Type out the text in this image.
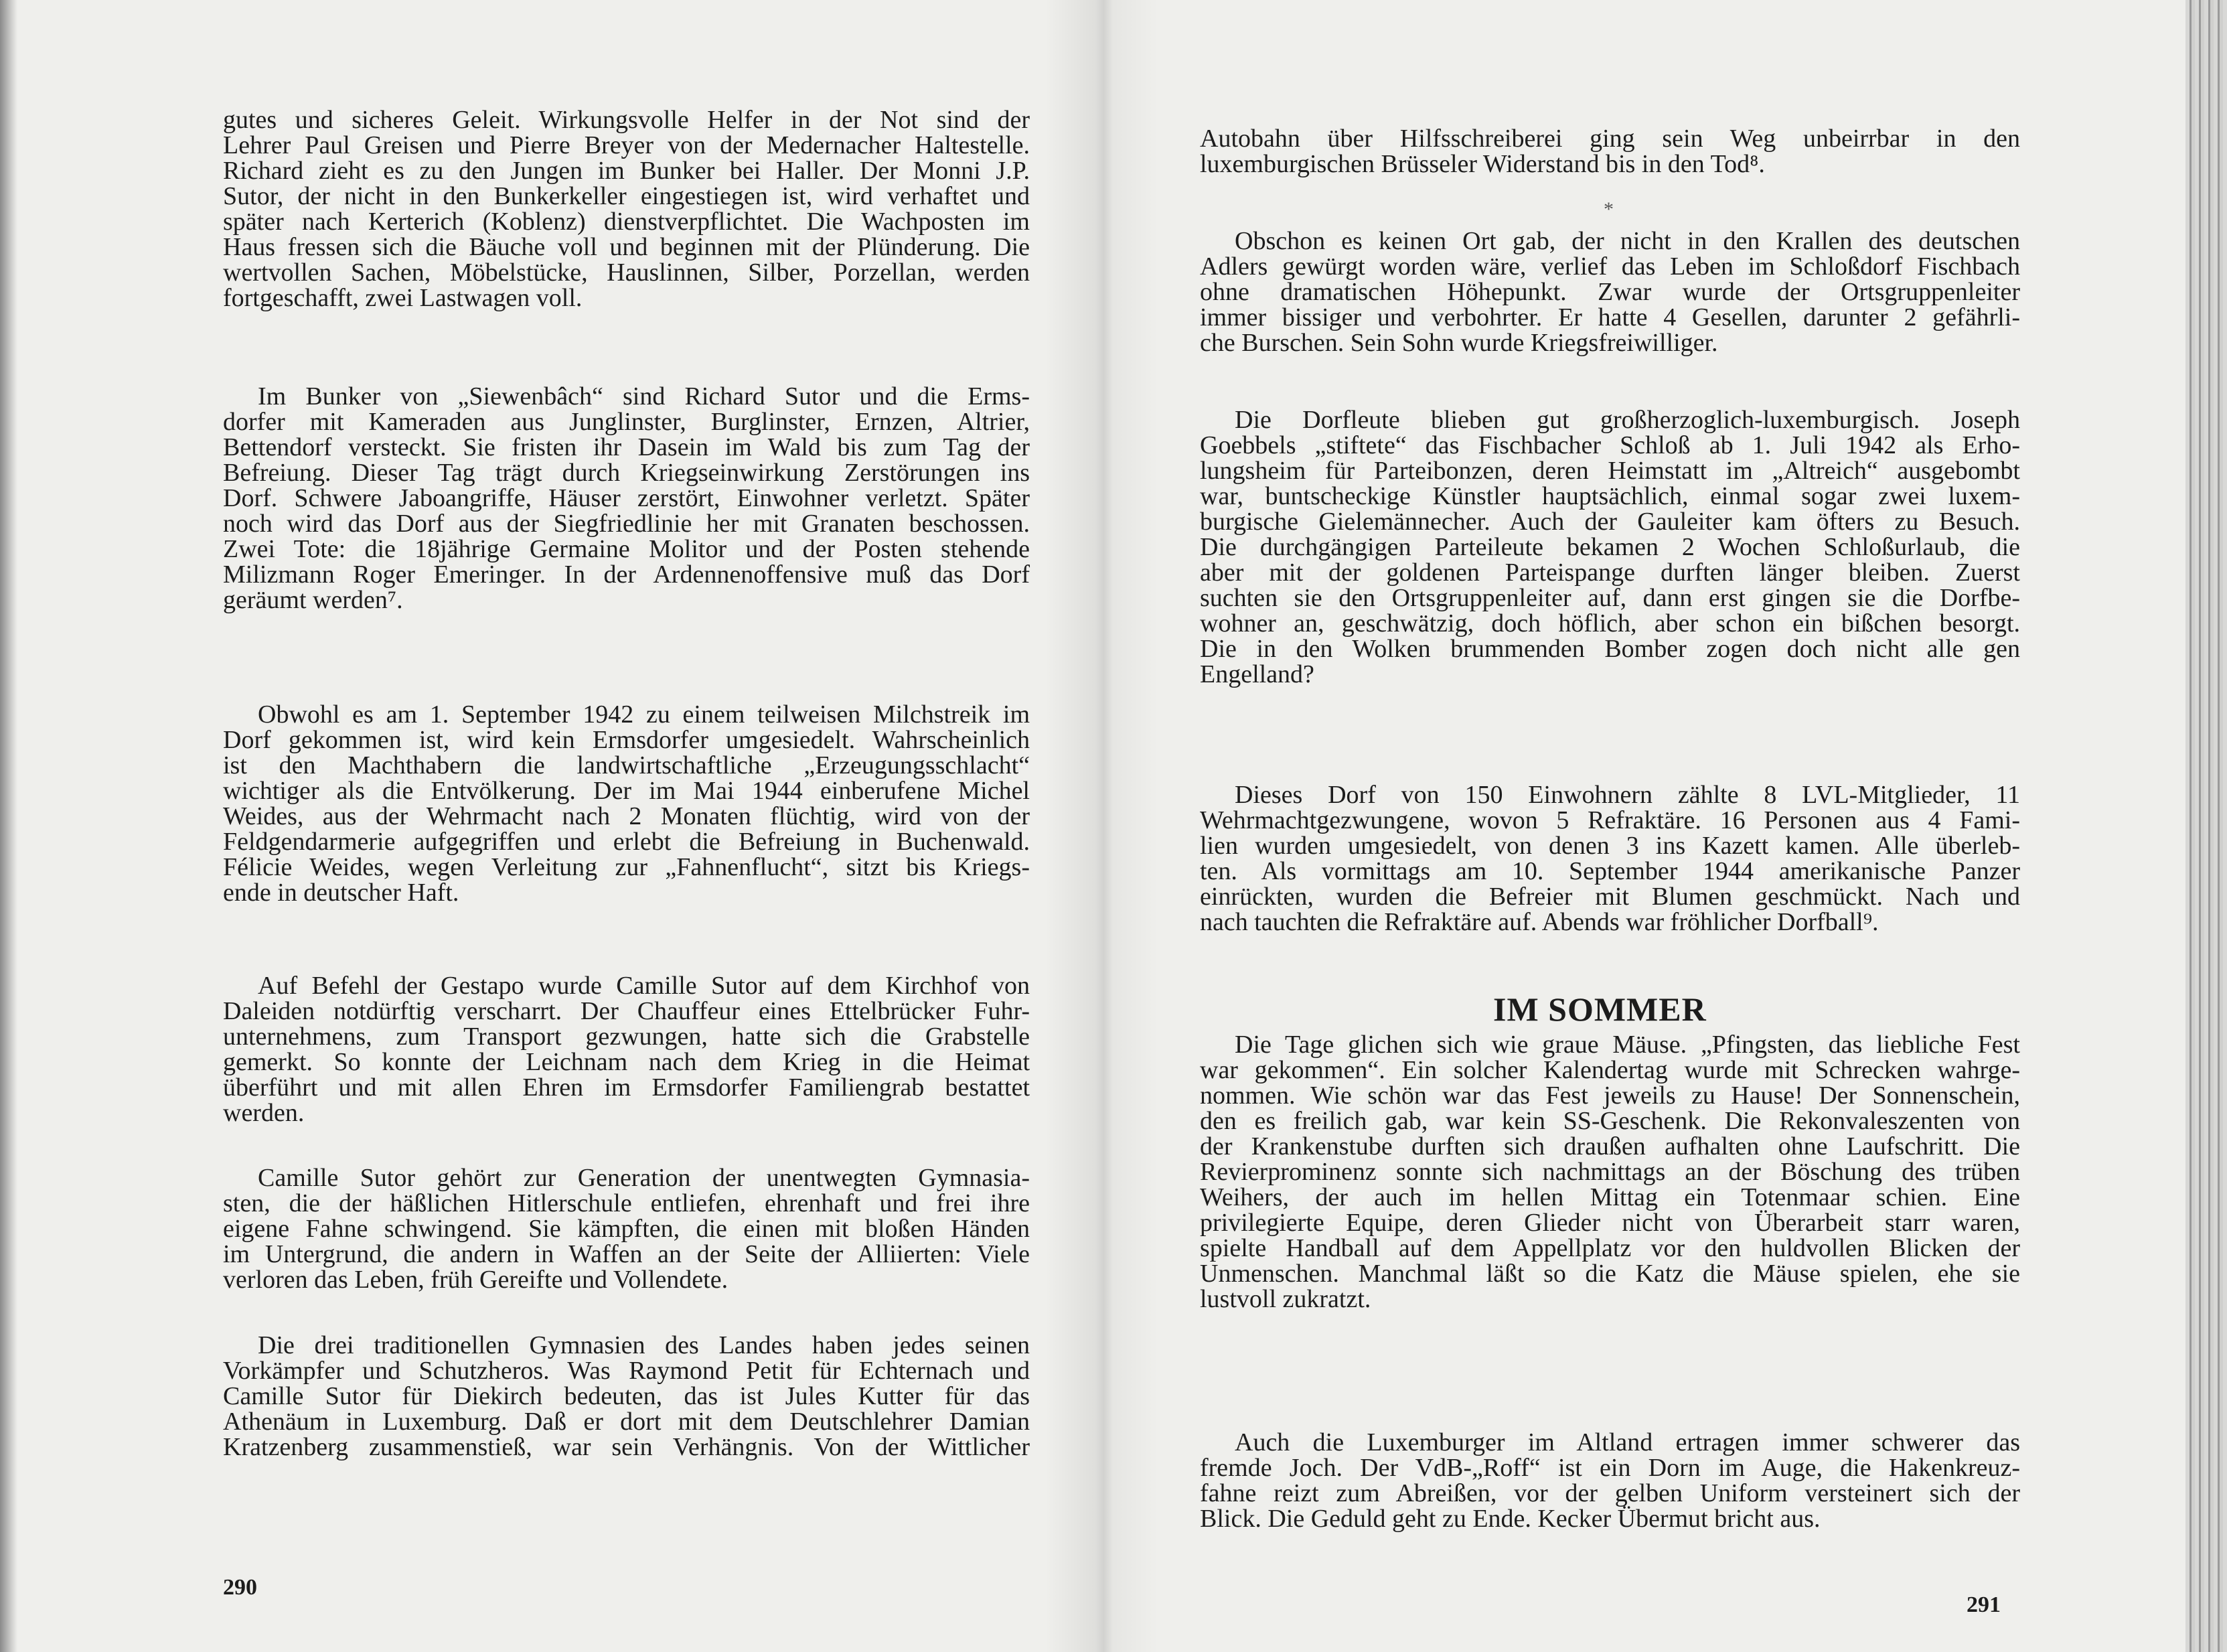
gutes und sicheres Geleit. Wirkungsvolle Helfer in der Not sind der
Lehrer Paul Greisen und Pierre Breyer von der Medernacher Haltestelle.
Richard zieht es zu den Jungen im Bunker bei Haller. Der Monni J.P.
Sutor, der nicht in den Bunkerkeller eingestiegen ist, wird verhaftet und
später nach Kerterich (Koblenz) dienstverpflichtet. Die Wachposten im
Haus fressen sich die Bäuche voll und beginnen mit der Plünderung. Die
wertvollen Sachen, Möbelstücke, Hauslinnen, Silber, Porzellan, werden
fortgeschafft, zwei Lastwagen voll.
Im Bunker von „Siewenbâch“ sind Richard Sutor und die Erms-
dorfer mit Kameraden aus Junglinster, Burglinster, Ernzen, Altrier,
Bettendorf versteckt. Sie fristen ihr Dasein im Wald bis zum Tag der
Befreiung. Dieser Tag trägt durch Kriegseinwirkung Zerstörungen ins
Dorf. Schwere Jaboangriffe, Häuser zerstört, Einwohner verletzt. Später
noch wird das Dorf aus der Siegfriedlinie her mit Granaten beschossen.
Zwei Tote: die 18jährige Germaine Molitor und der Posten stehende
Milizmann Roger Emeringer. In der Ardennenoffensive muß das Dorf
geräumt werden⁷.
Obwohl es am 1. September 1942 zu einem teilweisen Milchstreik im
Dorf gekommen ist, wird kein Ermsdorfer umgesiedelt. Wahrscheinlich
ist den Machthabern die landwirtschaftliche „Erzeugungsschlacht“
wichtiger als die Entvölkerung. Der im Mai 1944 einberufene Michel
Weides, aus der Wehrmacht nach 2 Monaten flüchtig, wird von der
Feldgendarmerie aufgegriffen und erlebt die Befreiung in Buchenwald.
Félicie Weides, wegen Verleitung zur „Fahnenflucht“, sitzt bis Kriegs-
ende in deutscher Haft.
Auf Befehl der Gestapo wurde Camille Sutor auf dem Kirchhof von
Daleiden notdürftig verscharrt. Der Chauffeur eines Ettelbrücker Fuhr-
unternehmens, zum Transport gezwungen, hatte sich die Grabstelle
gemerkt. So konnte der Leichnam nach dem Krieg in die Heimat
überführt und mit allen Ehren im Ermsdorfer Familiengrab bestattet
werden.
Camille Sutor gehört zur Generation der unentwegten Gymnasia-
sten, die der häßlichen Hitlerschule entliefen, ehrenhaft und frei ihre
eigene Fahne schwingend. Sie kämpften, die einen mit bloßen Händen
im Untergrund, die andern in Waffen an der Seite der Alliierten: Viele
verloren das Leben, früh Gereifte und Vollendete.
Die drei traditionellen Gymnasien des Landes haben jedes seinen
Vorkämpfer und Schutzheros. Was Raymond Petit für Echternach und
Camille Sutor für Diekirch bedeuten, das ist Jules Kutter für das
Athenäum in Luxemburg. Daß er dort mit dem Deutschlehrer Damian
Kratzenberg zusammenstieß, war sein Verhängnis. Von der Wittlicher
290
Autobahn über Hilfsschreiberei ging sein Weg unbeirrbar in den
luxemburgischen Brüsseler Widerstand bis in den Tod⁸.
*
Obschon es keinen Ort gab, der nicht in den Krallen des deutschen
Adlers gewürgt worden wäre, verlief das Leben im Schloßdorf Fischbach
ohne dramatischen Höhepunkt. Zwar wurde der Ortsgruppenleiter
immer bissiger und verbohrter. Er hatte 4 Gesellen, darunter 2 gefährli-
che Burschen. Sein Sohn wurde Kriegsfreiwilliger.
Die Dorfleute blieben gut großherzoglich-luxemburgisch. Joseph
Goebbels „stiftete“ das Fischbacher Schloß ab 1. Juli 1942 als Erho-
lungsheim für Parteibonzen, deren Heimstatt im „Altreich“ ausgebombt
war, buntscheckige Künstler hauptsächlich, einmal sogar zwei luxem-
burgische Gielemännecher. Auch der Gauleiter kam öfters zu Besuch.
Die durchgängigen Parteileute bekamen 2 Wochen Schloßurlaub, die
aber mit der goldenen Parteispange durften länger bleiben. Zuerst
suchten sie den Ortsgruppenleiter auf, dann erst gingen sie die Dorfbe-
wohner an, geschwätzig, doch höflich, aber schon ein bißchen besorgt.
Die in den Wolken brummenden Bomber zogen doch nicht alle gen
Engelland?
Dieses Dorf von 150 Einwohnern zählte 8 LVL-Mitglieder, 11
Wehrmachtgezwungene, wovon 5 Refraktäre. 16 Personen aus 4 Fami-
lien wurden umgesiedelt, von denen 3 ins Kazett kamen. Alle überleb-
ten. Als vormittags am 10. September 1944 amerikanische Panzer
einrückten, wurden die Befreier mit Blumen geschmückt. Nach und
nach tauchten die Refraktäre auf. Abends war fröhlicher Dorfball⁹.
IM SOMMER
Die Tage glichen sich wie graue Mäuse. „Pfingsten, das liebliche Fest
war gekommen“. Ein solcher Kalendertag wurde mit Schrecken wahrge-
nommen. Wie schön war das Fest jeweils zu Hause! Der Sonnenschein,
den es freilich gab, war kein SS-Geschenk. Die Rekonvaleszenten von
der Krankenstube durften sich draußen aufhalten ohne Laufschritt. Die
Revierprominenz sonnte sich nachmittags an der Böschung des trüben
Weihers, der auch im hellen Mittag ein Totenmaar schien. Eine
privilegierte Equipe, deren Glieder nicht von Überarbeit starr waren,
spielte Handball auf dem Appellplatz vor den huldvollen Blicken der
Unmenschen. Manchmal läßt so die Katz die Mäuse spielen, ehe sie
lustvoll zukratzt.
Auch die Luxemburger im Altland ertragen immer schwerer das
fremde Joch. Der VdB-„Roff“ ist ein Dorn im Auge, die Hakenkreuz-
fahne reizt zum Abreißen, vor der gelben Uniform versteinert sich der
Blick. Die Geduld geht zu Ende. Kecker Übermut bricht aus.
291
